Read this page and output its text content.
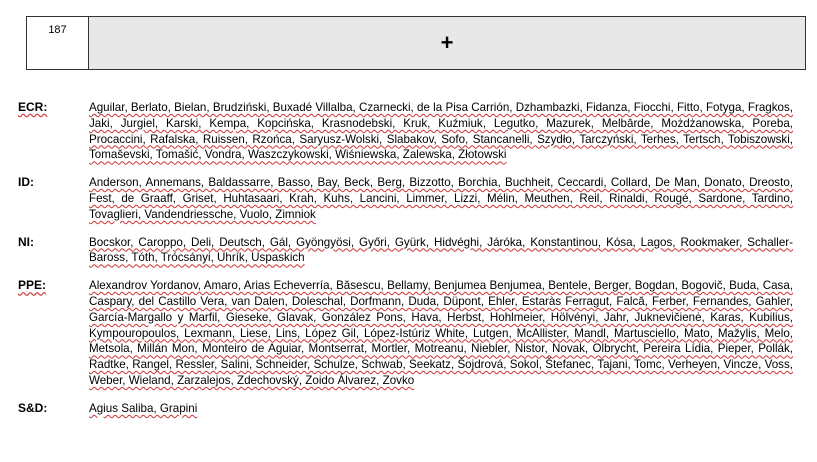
187	+
ECR:	Aguilar, Berlato, Bielan, Brudziński, Buxadé Villalba, Czarnecki, de la Pisa Carrión, Dzhambazki, Fidanza, Fiocchi, Fitto, Fotyga, Fragkos, Jaki, Jurgiel, Karski, Kempa, Kopcińska, Krasnodebski, Kruk, Kuźmiuk, Legutko, Mazurek, Melbārde, Możdżanowska, Poreba, Procaccini, Rafalska, Ruissen, Rzońca, Saryusz-Wolski, Slabakov, Sofo, Stancanelli, Szydło, Tarczyński, Terhes, Tertsch, Tobiszowski, Tomaševski, Tomašić, Vondra, Waszczykowski, Wiśniewska, Zalewska, Złotowski
ID:	Anderson, Annemans, Baldassarre, Basso, Bay, Beck, Berg, Bizzotto, Borchia, Buchheit, Ceccardi, Collard, De Man, Donato, Dreosto, Fest, de Graaff, Griset, Huhtasaari, Krah, Kuhs, Lancini, Limmer, Lizzi, Mélin, Meuthen, Reil, Rinaldi, Rougé, Sardone, Tardino, Tovaglieri, Vandendriessche, Vuolo, Zimniok
NI:	Bocskor, Caroppo, Deli, Deutsch, Gál, Gyöngyösi, Győri, Gyürk, Hidvéghi, Járóka, Konstantinou, Kósa, Lagos, Rookmaker, Schaller-Baross, Tóth, Trócsányi, Uhrík, Uspaskich
PPE:	Alexandrov Yordanov, Amaro, Arias Echeverría, Băsescu, Bellamy, Benjumea Benjumea, Bentele, Berger, Bogdan, Bogovič, Buda, Casa, Caspary, del Castillo Vera, van Dalen, Doleschal, Dorfmann, Duda, Düpont, Ehler, Estaràs Ferragut, Falcă, Ferber, Fernandes, Gahler, García-Margallo y Marfil, Gieseke, Glavak, González Pons, Hava, Herbst, Hohlmeier, Hölvényi, Jahr, Juknevičienė, Karas, Kubilius, Kympouropoulos, Lexmann, Liese, Lins, López Gil, López-Istúriz White, Lutgen, McAllister, Mandl, Martusciello, Mato, Mažylis, Melo, Metsola, Millán Mon, Monteiro de Aguiar, Montserrat, Mortler, Motreanu, Niebler, Nistor, Novak, Olbrycht, Pereira Lídia, Pieper, Pollák, Radtke, Rangel, Ressler, Salini, Schneider, Schulze, Schwab, Seekatz, Šojdrová, Sokol, Štefanec, Tajani, Tomc, Verheyen, Vincze, Voss, Weber, Wieland, Zarzalejos, Zdechovský, Zoido Álvarez, Zovko
S&D:	Agius Saliba, Grapini
